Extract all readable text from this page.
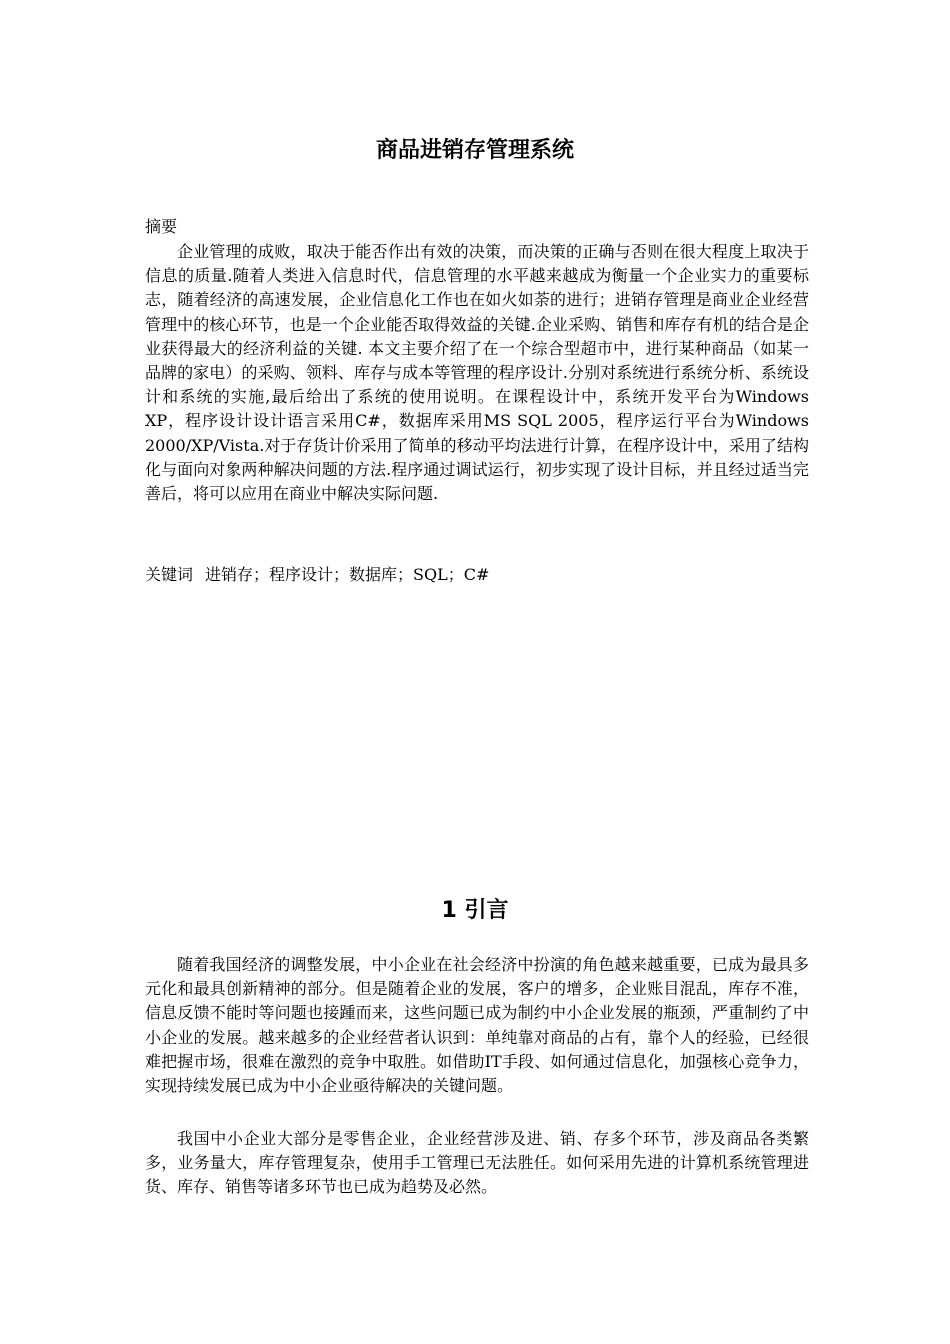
商品进销存管理系统
摘要

企业管理的成败，取决于能否作出有效的决策，而决策的正确与否则在很大程度上取决于信息的质量.随着人类进入信息时代，信息管理的水平越来越成为衡量一个企业实力的重要标志，随着经济的高速发展，企业信息化工作也在如火如荼的进行；进销存管理是商业企业经营管理中的核心环节，也是一个企业能否取得效益的关键.企业采购、销售和库存有机的结合是企业获得最大的经济利益的关键. 本文主要介绍了在一个综合型超市中，进行某种商品（如某一品牌的家电）的采购、领料、库存与成本等管理的程序设计.分别对系统进行系统分析、系统设计和系统的实施,最后给出了系统的使用说明。在课程设计中，系统开发平台为Windows XP，程序设计设计语言采用C#，数据库采用MS SQL 2005，程序运行平台为Windows 2000/XP/Vista.对于存货计价采用了简单的移动平均法进行计算，在程序设计中，采用了结构化与面向对象两种解决问题的方法.程序通过调试运行，初步实现了设计目标，并且经过适当完善后，将可以应用在商业中解决实际问题.

关键词 进销存；程序设计；数据库；SQL；C#
1 引言

随着我国经济的调整发展，中小企业在社会经济中扮演的角色越来越重要，已成为最具多元化和最具创新精神的部分。但是随着企业的发展，客户的增多，企业账目混乱，库存不准，信息反馈不能时等问题也接踵而来，这些问题已成为制约中小企业发展的瓶颈，严重制约了中小企业的发展。越来越多的企业经营者认识到：单纯靠对商品的占有，靠个人的经验，已经很难把握市场，很难在激烈的竞争中取胜。如借助IT手段、如何通过信息化，加强核心竞争力，实现持续发展已成为中小企业亟待解决的关键问题。

我国中小企业大部分是零售企业，企业经营涉及进、销、存多个环节，涉及商品各类繁多，业务量大，库存管理复杂，使用手工管理已无法胜任。如何采用先进的计算机系统管理进货、库存、销售等诸多环节也已成为趋势及必然。
